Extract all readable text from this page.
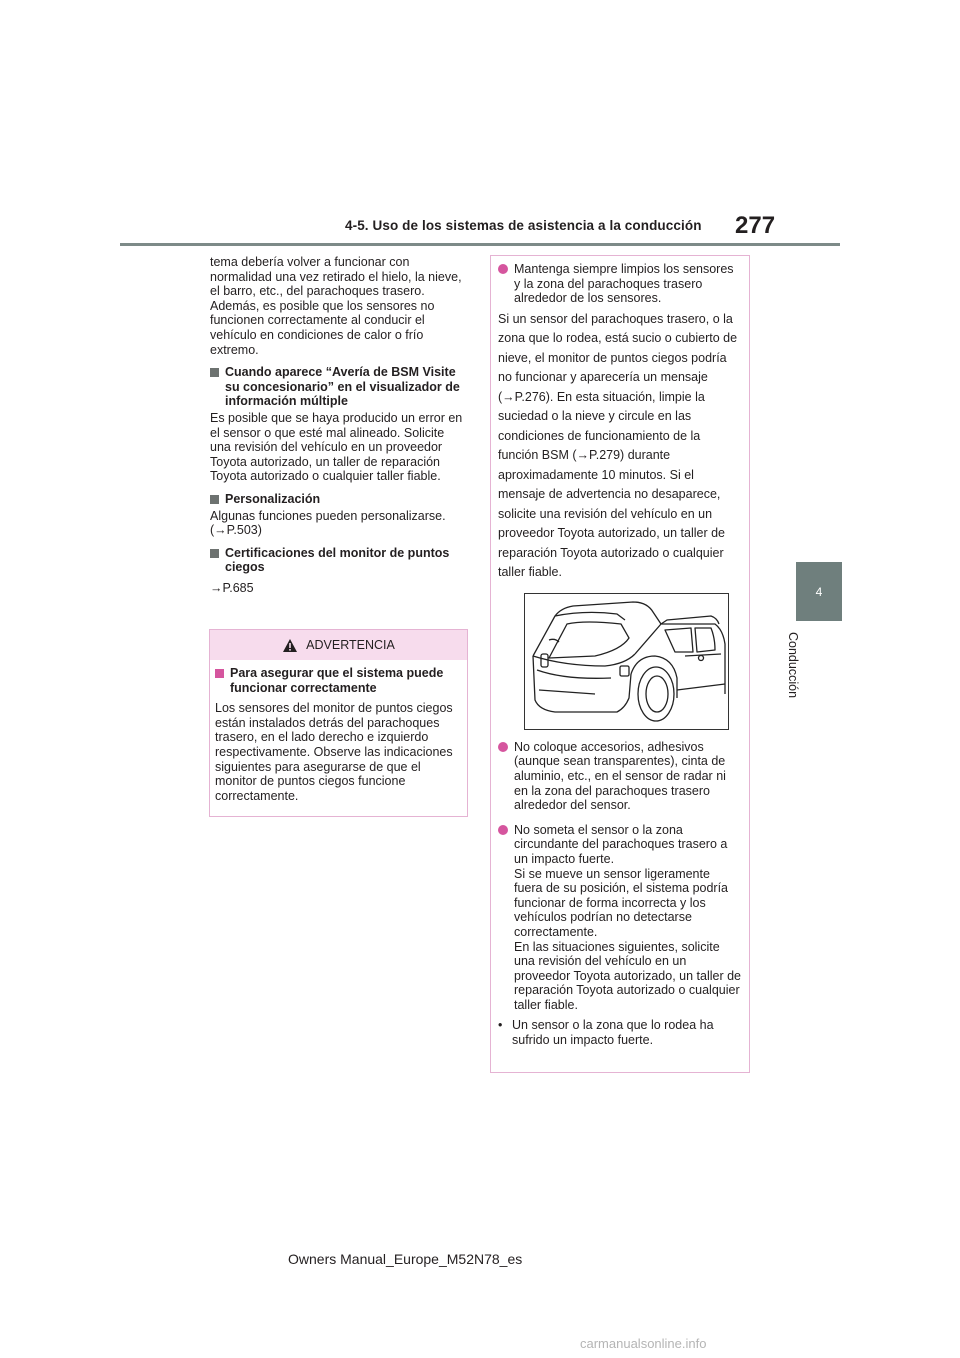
4-5. Uso de los sistemas de asistencia a la conducción 277
4
Conducción

tema debería volver a funcionar con normalidad una vez retirado el hielo, la nieve, el barro, etc., del parachoques trasero. Además, es posible que los sensores no funcionen correctamente al conducir el vehículo en condiciones de calor o frío extremo.

Cuando aparece “Avería de BSM Visite su concesionario” en el visualizador de información múltiple

Es posible que se haya producido un error en el sensor o que esté mal alineado. Solicite una revisión del vehículo en un proveedor Toyota autorizado, un taller de reparación Toyota autorizado o cualquier taller fiable.

Personalización

Algunas funciones pueden personalizarse. (→P.503)

Certificaciones del monitor de puntos ciegos

→P.685

ADVERTENCIA
Para asegurar que el sistema puede funcionar correctamente
Los sensores del monitor de puntos ciegos están instalados detrás del parachoques trasero, en el lado derecho e izquierdo respectivamente. Observe las indicaciones siguientes para asegurarse de que el monitor de puntos ciegos funcione correctamente.
Mantenga siempre limpios los sensores y la zona del parachoques trasero alrededor de los sensores.

Si un sensor del parachoques trasero, o la zona que lo rodea, está sucio o cubierto de nieve, el monitor de puntos ciegos podría no funcionar y aparecería un mensaje (→P.276). En esta situación, limpie la suciedad o la nieve y circule en las condiciones de funcionamiento de la función BSM (→P.279) durante aproximadamente 10 minutos. Si el mensaje de advertencia no desaparece, solicite una revisión del vehículo en un proveedor Toyota autorizado, un taller de reparación Toyota autorizado o cualquier taller fiable.

No coloque accesorios, adhesivos (aunque sean transparentes), cinta de aluminio, etc., en el sensor de radar ni en la zona del parachoques trasero alrededor del sensor.
No someta el sensor o la zona circundante del parachoques trasero a un impacto fuerte.
Si se mueve un sensor ligeramente fuera de su posición, el sistema podría funcionar de forma incorrecta y los vehículos podrían no detectarse correctamente.
En las situaciones siguientes, solicite una revisión del vehículo en un proveedor Toyota autorizado, un taller de reparación Toyota autorizado o cualquier taller fiable.
• Un sensor o la zona que lo rodea ha sufrido un impacto fuerte.
Owners Manual_Europe_M52N78_es
carmanualsonline.info
